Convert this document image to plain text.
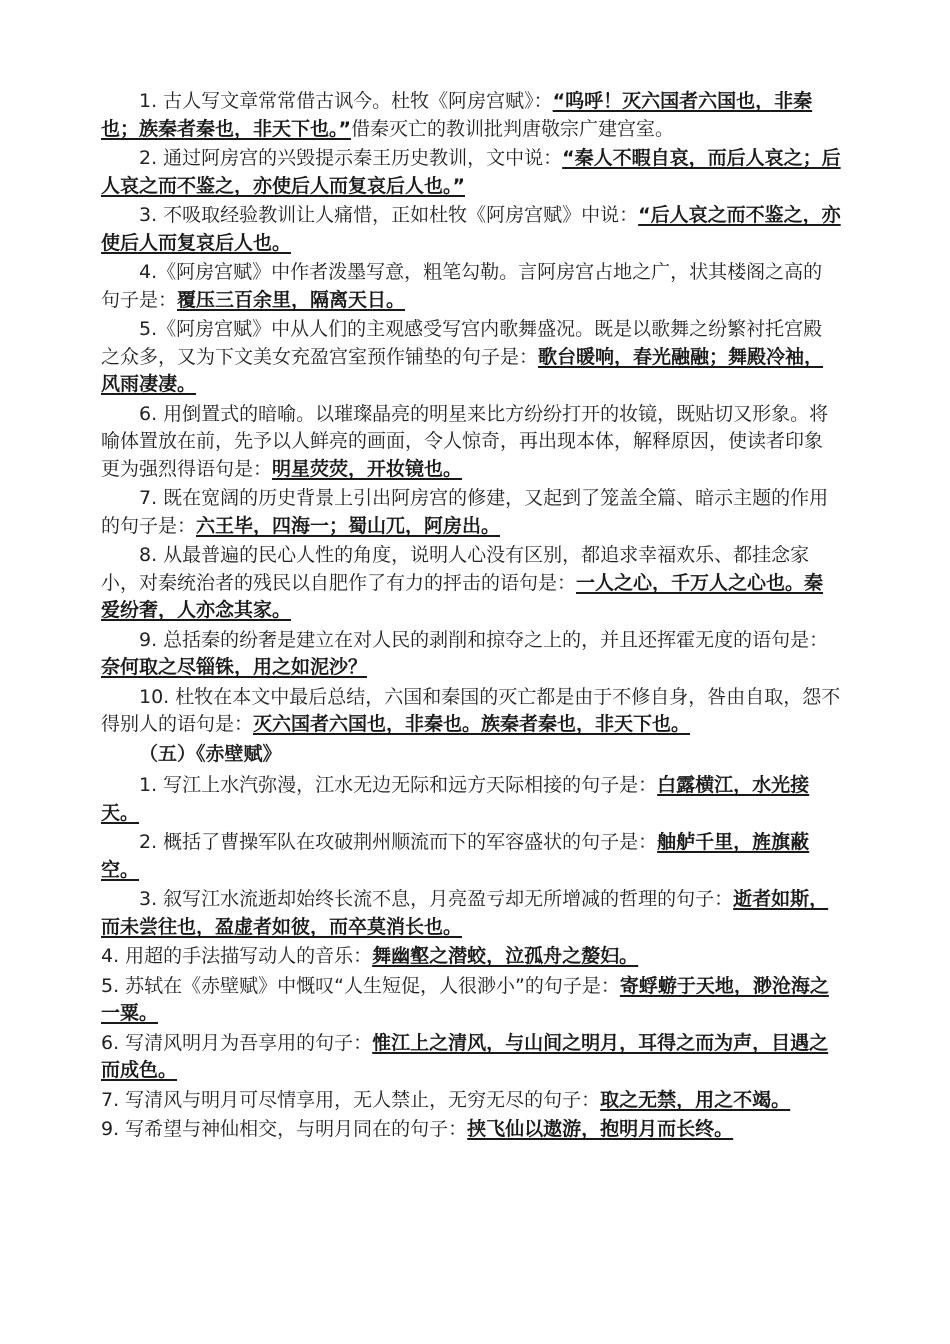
1. 古人写文章常常借古讽今。杜牧《阿房宫赋》：“呜呼！灭六国者六国也，非秦也；族秦者秦也，非天下也。”借秦灭亡的教训批判唐敬宗广建宫室。

2. 通过阿房宫的兴毁提示秦王历史教训，文中说：“秦人不暇自哀，而后人哀之；后人哀之而不鉴之，亦使后人而复哀后人也。”

3. 不吸取经验教训让人痛惜，正如杜牧《阿房宫赋》中说：“后人哀之而不鉴之，亦使后人而复哀后人也。

4.《阿房宫赋》中作者泼墨写意，粗笔勾勒。言阿房宫占地之广，状其楼阁之高的句子是：覆压三百余里，隔离天日。

5.《阿房宫赋》中从人们的主观感受写宫内歌舞盛况。既是以歌舞之纷繁衬托宫殿之众多，又为下文美女充盈宫室预作铺垫的句子是：歌台暖响，春光融融；舞殿冷袖，风雨凄凄。

6. 用倒置式的暗喻。以璀璨晶亮的明星来比方纷纷打开的妆镜，既贴切又形象。将喻体置放在前，先予以人鲜亮的画面，令人惊奇，再出现本体，解释原因，使读者印象更为强烈得语句是：明星荧荧，开妆镜也。

7. 既在宽阔的历史背景上引出阿房宫的修建，又起到了笼盖全篇、暗示主题的作用的句子是：六王毕，四海一；蜀山兀，阿房出。

8. 从最普遍的民心人性的角度，说明人心没有区别，都追求幸福欢乐、都挂念家小，对秦统治者的残民以自肥作了有力的抨击的语句是：一人之心，千万人之心也。秦爱纷奢，人亦念其家。

9. 总括秦的纷奢是建立在对人民的剥削和掠夺之上的，并且还挥霍无度的语句是：奈何取之尽锱铢，用之如泥沙？

10. 杜牧在本文中最后总结，六国和秦国的灭亡都是由于不修自身，咎由自取，怨不得别人的语句是：灭六国者六国也，非秦也。族秦者秦也，非天下也。

（五）《赤壁赋》

1. 写江上水汽弥漫，江水无边无际和远方天际相接的句子是：白露横江，水光接天。

2. 概括了曹操军队在攻破荆州顺流而下的军容盛状的句子是：舳舻千里，旌旗蔽空。

3. 叙写江水流逝却始终长流不息，月亮盈亏却无所增减的哲理的句子：逝者如斯，而未尝往也，盈虚者如彼，而卒莫消长也。

4. 用超的手法描写动人的音乐：舞幽壑之潜蛟，泣孤舟之嫠妇。

5. 苏轼在《赤壁赋》中慨叹“人生短促，人很渺小”的句子是：寄蜉蝣于天地，渺沧海之一粟。

6. 写清风明月为吾享用的句子：惟江上之清风，与山间之明月，耳得之而为声，目遇之而成色。

7. 写清风与明月可尽情享用，无人禁止，无穷无尽的句子：取之无禁，用之不竭。

9. 写希望与神仙相交，与明月同在的句子：挟飞仙以遨游，抱明月而长终。
